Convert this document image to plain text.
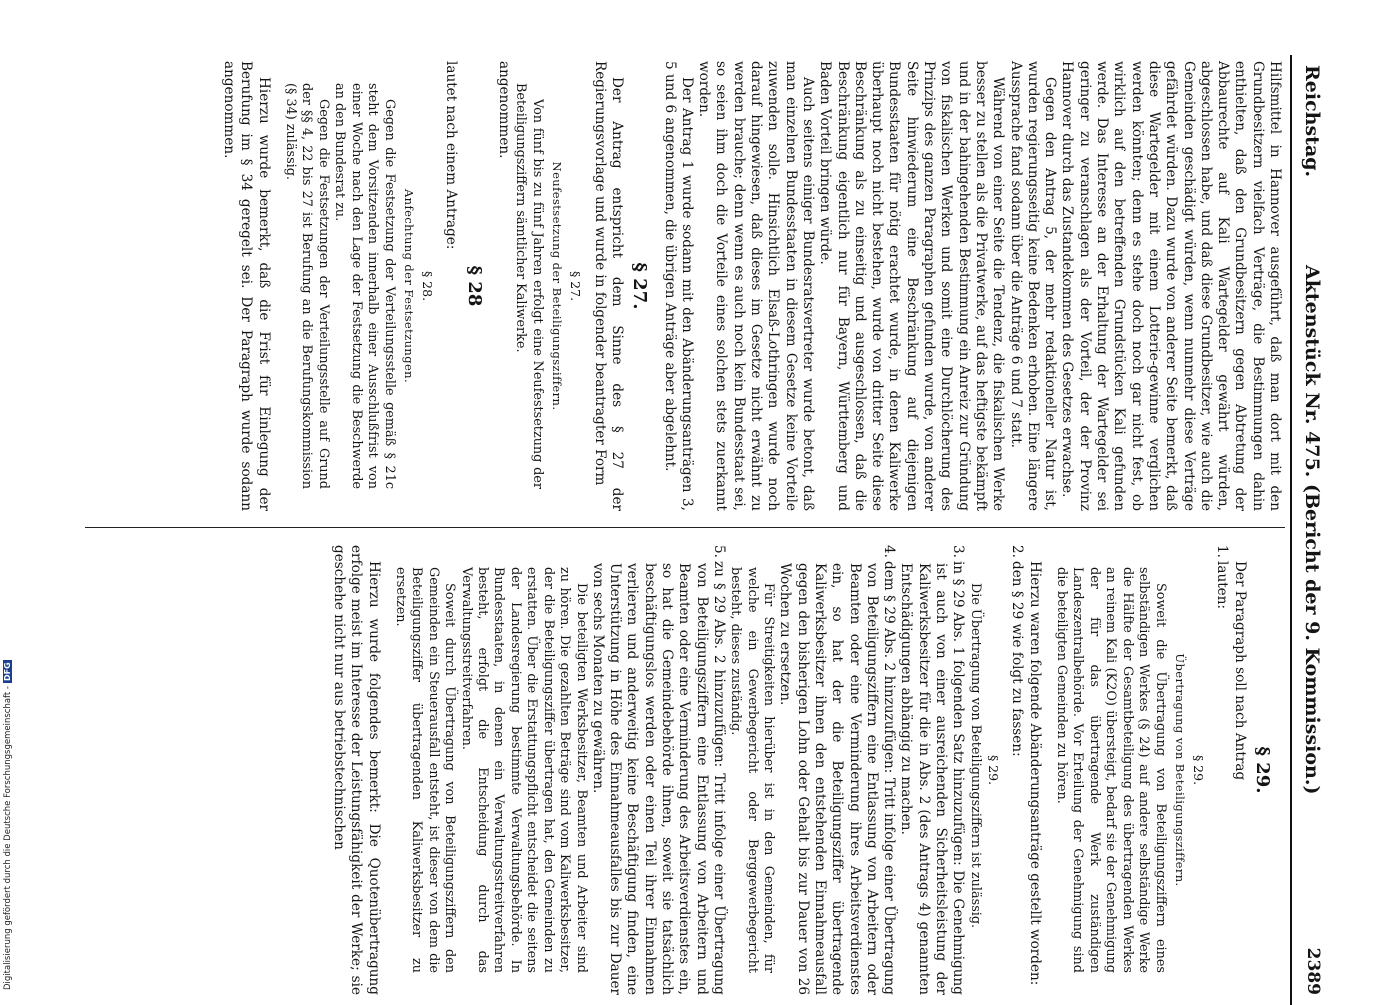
Reichstag.
Aktenstück Nr. 475. (Bericht der 9. Kommission.)
2389

Hilfsmittel in Hannover ausgeführt, daß man dort mit den Grundbesitzern vielfach Verträge, die Bestimmungen dahin enthielten, daß den Grundbesitzern gegen Abtretung der Abbaurechte auf Kali Wartegelder gewährt würden, abgeschlossen habe, und daß diese Grundbesitzer, wie auch die Gemeinden geschädigt würden, wenn nunmehr diese Verträge gefährdet würden. Dazu wurde von anderer Seite bemerkt, daß diese Wartegelder mit einem Lotterie-gewinne verglichen werden könnten; denn es stehe doch noch gar nicht fest, ob wirklich auf den betreffenden Grundstücken Kali gefunden werde. Das Interesse an der Erhaltung der Wartegelder sei geringer zu veranschlagen als der Vorteil, der der Provinz Hannover durch das Zustandekommen des Gesetzes erwachse.

Gegen den Antrag 5, der mehr redaktioneller Natur ist, wurden regierungsseitig keine Bedenken erhoben. Eine längere Aussprache fand sodann über die Anträge 6 und 7 statt.

Während von einer Seite die Tendenz, die fiskalischen Werke besser zu stellen als die Privatwerke, auf das heftigste bekämpft und in der bahingehenden Bestimmung ein Anreiz zur Gründung von fiskalischen Werken und somit eine Durchlöcherung des Prinzips des ganzen Paragraphen gefunden wurde, von anderer Seite hinwiederum eine Beschränkung auf diejenigen Bundesstaaten für nötig erachtet wurde, in denen Kaliwerke überhaupt noch nicht bestehen, wurde von dritter Seite diese Beschränkung als zu einseitig und ausgeschlossen, daß die Beschränkung eigentlich nur für Bayern, Württemberg und Baden Vorteil bringen würde.

Auch seitens einiger Bundesratsvertreter wurde betont, daß man einzelnen Bundesstaaten in diesem Gesetze keine Vorteile zuwenden solle. Hinsichtlich Elsaß-Lothringen wurde noch darauf hingewiesen, daß dieses im Gesetze nicht erwähnt zu werden brauche; denn wenn es auch noch kein Bundesstaat sei, so seien ihm doch die Vorteile eines solchen stets zuerkannt worden.

Der Antrag 1 wurde sodann mit den Abänderungsanträgen 3, 5 und 6 angenommen, die übrigen Anträge aber abgelehnt.

§ 27.

Der Antrag entspricht dem Sinne des § 27 der Regierungsvorlage und wurde in folgender beantragter Form

§ 27.

Neufestsetzung der Beteiligungsziffern.

Von fünf bis zu fünf Jahren erfolgt eine Neufestsetzung der Beteiligungsziffern sämtlicher Kaliwerke.

angenommen.

§ 28

lautet nach einem Antrage:

§ 28.

Anfechtung der Festsetzungen.

Gegen die Festsetzung der Verteilungsstelle gemäß § 21c steht dem Vorsitzenden innerhalb einer Ausschlußfrist von einer Woche nach den Lage der Festsetzung die Beschwerde an den Bundesrat zu.

Gegen die Festsetzungen der Verteilungsstelle auf Grund der §§ 4, 22 bis 27 ist Berufung an die Berufungskommission (§ 34) zulässig.

Hierzu wurde bemerkt, daß die Frist für Einlegung der Berufung im § 34 geregelt sei. Der Paragraph wurde sodann angenommen.

§ 29.

Der Paragraph soll nach Antrag

1.lauten:

§ 29.

Übertragung von Beteiligungsziffern.

Soweit die Übertragung von Beteiligungsziffern eines selbständigen Werkes (§ 24) auf andere selbständige Werke die Hälfte der Gesamtbeteiligung des übertragenden Werkes an reinem Kali (K2O) übersteigt, bedarf sie der Genehmigung der für das übertragende Werk zuständigen Landeszentralbehörde. Vor Erteilung der Genehmigung sind die beteiligten Gemeinden zu hören.

Hierzu waren folgende Abänderungsanträge gestellt worden:

2.den § 29 wie folgt zu fassen:

§ 29.

Die Übertragung von Beteiligungsziffern ist zulässig.

3.in § 29 Abs. 1 folgenden Satz hinzuzufügen: Die Genehmigung ist auch von einer ausreichenden Sicherheitsleistung der Kaliwerksbesitzer für die in Abs. 2 (des Antrags 4) genannten Entschädigungen abhängig zu machen.

4.dem § 29 Abs. 2 hinzuzufügen: Tritt infolge einer Übertragung von Beteiligungsziffern eine Entlassung von Arbeitern oder Beamten oder eine Verminderung ihres Arbeitsverdienstes ein, so hat der die Beteiligungsziffer übertragende Kaliwerksbesitzer ihnen den entstehenden Einnahmeausfall gegen den bisherigen Lohn oder Gehalt bis zur Dauer von 26 Wochen zu ersetzen.

Für Streitigkeiten hierüber ist in den Gemeinden, für welche ein Gewerbegericht oder Berggewerbegericht besteht, dieses zuständig.

5.zu § 29 Abs. 2 hinzuzufügen: Tritt infolge einer Übertragung von Beteiligungsziffern eine Entlassung von Arbeitern und Beamten oder eine Verminderung des Arbeitsverdienstes ein, so hat die Gemeindebehörde ihnen, soweit sie tatsächlich beschäftigungslos werden oder einen Teil ihrer Einnahmen verlieren und anderweitig keine Beschäftigung finden, eine Unterstützung in Höhe des Einnahmeausfalles bis zur Dauer von sechs Monaten zu gewähren.

Die beteiligten Werksbesitzer, Beamten und Arbeiter sind zu hören. Die gezahlten Beträge sind vom Kaliwerksbesitzer, der die Beteiligungsziffer übertragen hat, den Gemeinden zu erstatten. Über die Erstattungspflicht entscheidet die seitens der Landesregierung bestimmte Verwaltungsbehörde. In Bundesstaaten, in denen ein Verwaltungsstreitverfahren besteht, erfolgt die Entscheidung durch das Verwaltungsstreitverfahren.

Soweit durch Übertragung von Beteiligungsziffern den Gemeinden ein Steuerausfall entsteht, ist dieser von dem die Beteiligungsziffer übertragenden Kaliwerksbesitzer zu ersetzen.

Hierzu wurde folgendes bemerkt: Die Quotenübertragung erfolge meist im Interesse der Leistungsfähigkeit der Werke; sie geschehe nicht nur aus betriebstechnischen

Digitalisierung gefördert durch die Deutsche Forschungsgemeinschaft -DFG
